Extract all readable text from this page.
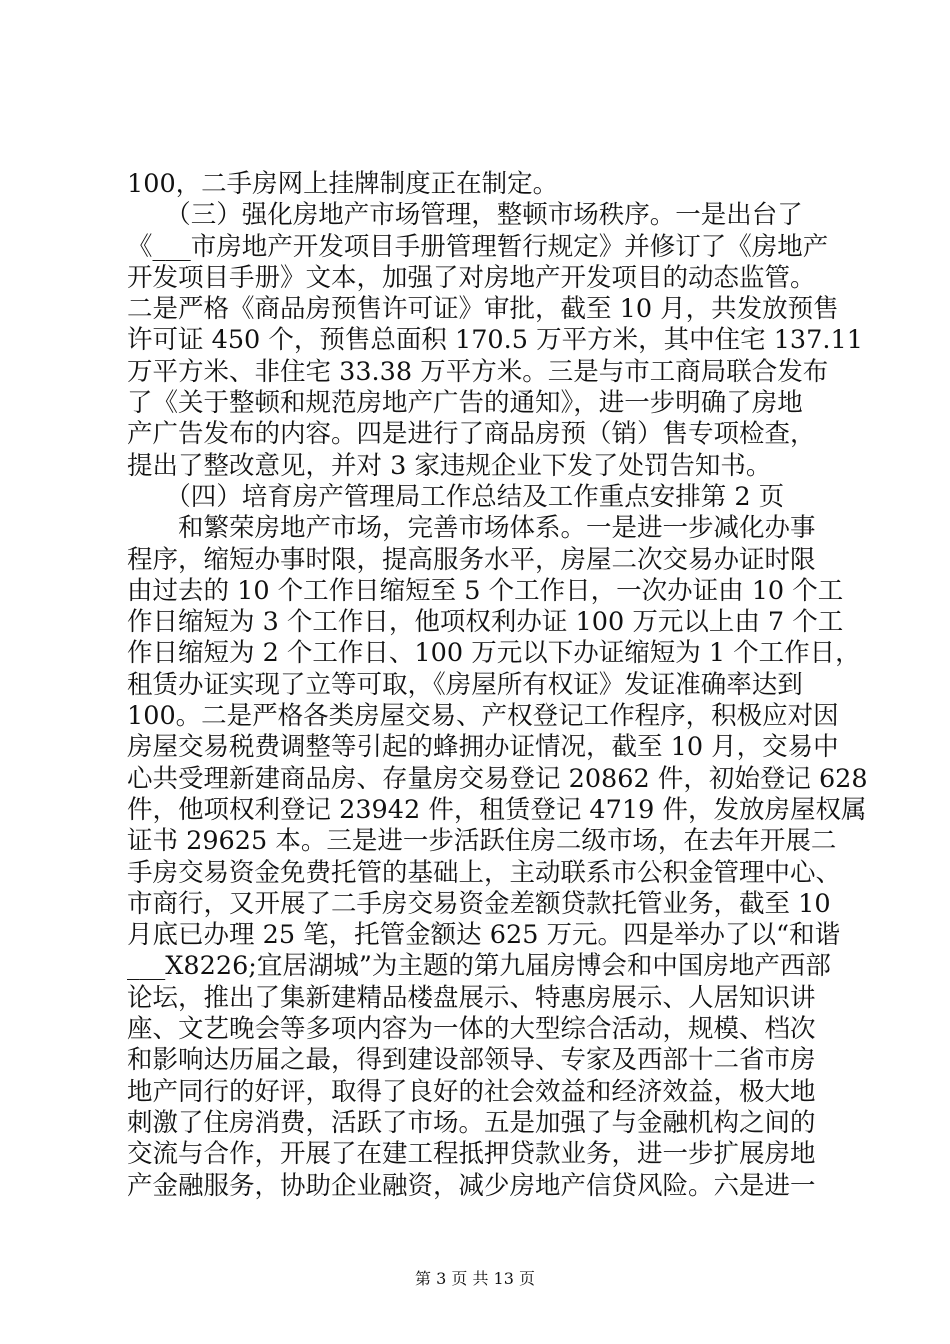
100，二手房网上挂牌制度正在制定。
　　（三）强化房地产市场管理，整顿市场秩序。一是出台了
《___市房地产开发项目手册管理暂行规定》并修订了《房地产
开发项目手册》文本，加强了对房地产开发项目的动态监管。
二是严格《商品房预售许可证》审批，截至 10 月，共发放预售
许可证 450 个，预售总面积 170.5 万平方米，其中住宅 137.11
万平方米、非住宅 33.38 万平方米。三是与市工商局联合发布
了《关于整顿和规范房地产广告的通知》，进一步明确了房地
产广告发布的内容。四是进行了商品房预（销）售专项检查，
提出了整改意见，并对 3 家违规企业下发了处罚告知书。
　　（四）培育房产管理局工作总结及工作重点安排第 2 页
　　和繁荣房地产市场，完善市场体系。一是进一步减化办事
程序，缩短办事时限，提高服务水平，房屋二次交易办证时限
由过去的 10 个工作日缩短至 5 个工作日，一次办证由 10 个工
作日缩短为 3 个工作日，他项权利办证 100 万元以上由 7 个工
作日缩短为 2 个工作日、100 万元以下办证缩短为 1 个工作日，
租赁办证实现了立等可取，《房屋所有权证》发证准确率达到
100。二是严格各类房屋交易、产权登记工作程序，积极应对因
房屋交易税费调整等引起的蜂拥办证情况，截至 10 月，交易中
心共受理新建商品房、存量房交易登记 20862 件，初始登记 628
件，他项权利登记 23942 件，租赁登记 4719 件，发放房屋权属
证书 29625 本。三是进一步活跃住房二级市场，在去年开展二
手房交易资金免费托管的基础上，主动联系市公积金管理中心、
市商行，又开展了二手房交易资金差额贷款托管业务，截至 10
月底已办理 25 笔，托管金额达 625 万元。四是举办了以“和谐
___X8226;宜居湖城”为主题的第九届房博会和中国房地产西部
论坛，推出了集新建精品楼盘展示、特惠房展示、人居知识讲
座、文艺晚会等多项内容为一体的大型综合活动，规模、档次
和影响达历届之最，得到建设部领导、专家及西部十二省市房
地产同行的好评，取得了良好的社会效益和经济效益，极大地
刺激了住房消费，活跃了市场。五是加强了与金融机构之间的
交流与合作，开展了在建工程抵押贷款业务，进一步扩展房地
产金融服务，协助企业融资，减少房地产信贷风险。六是进一
第 3 页 共 13 页
